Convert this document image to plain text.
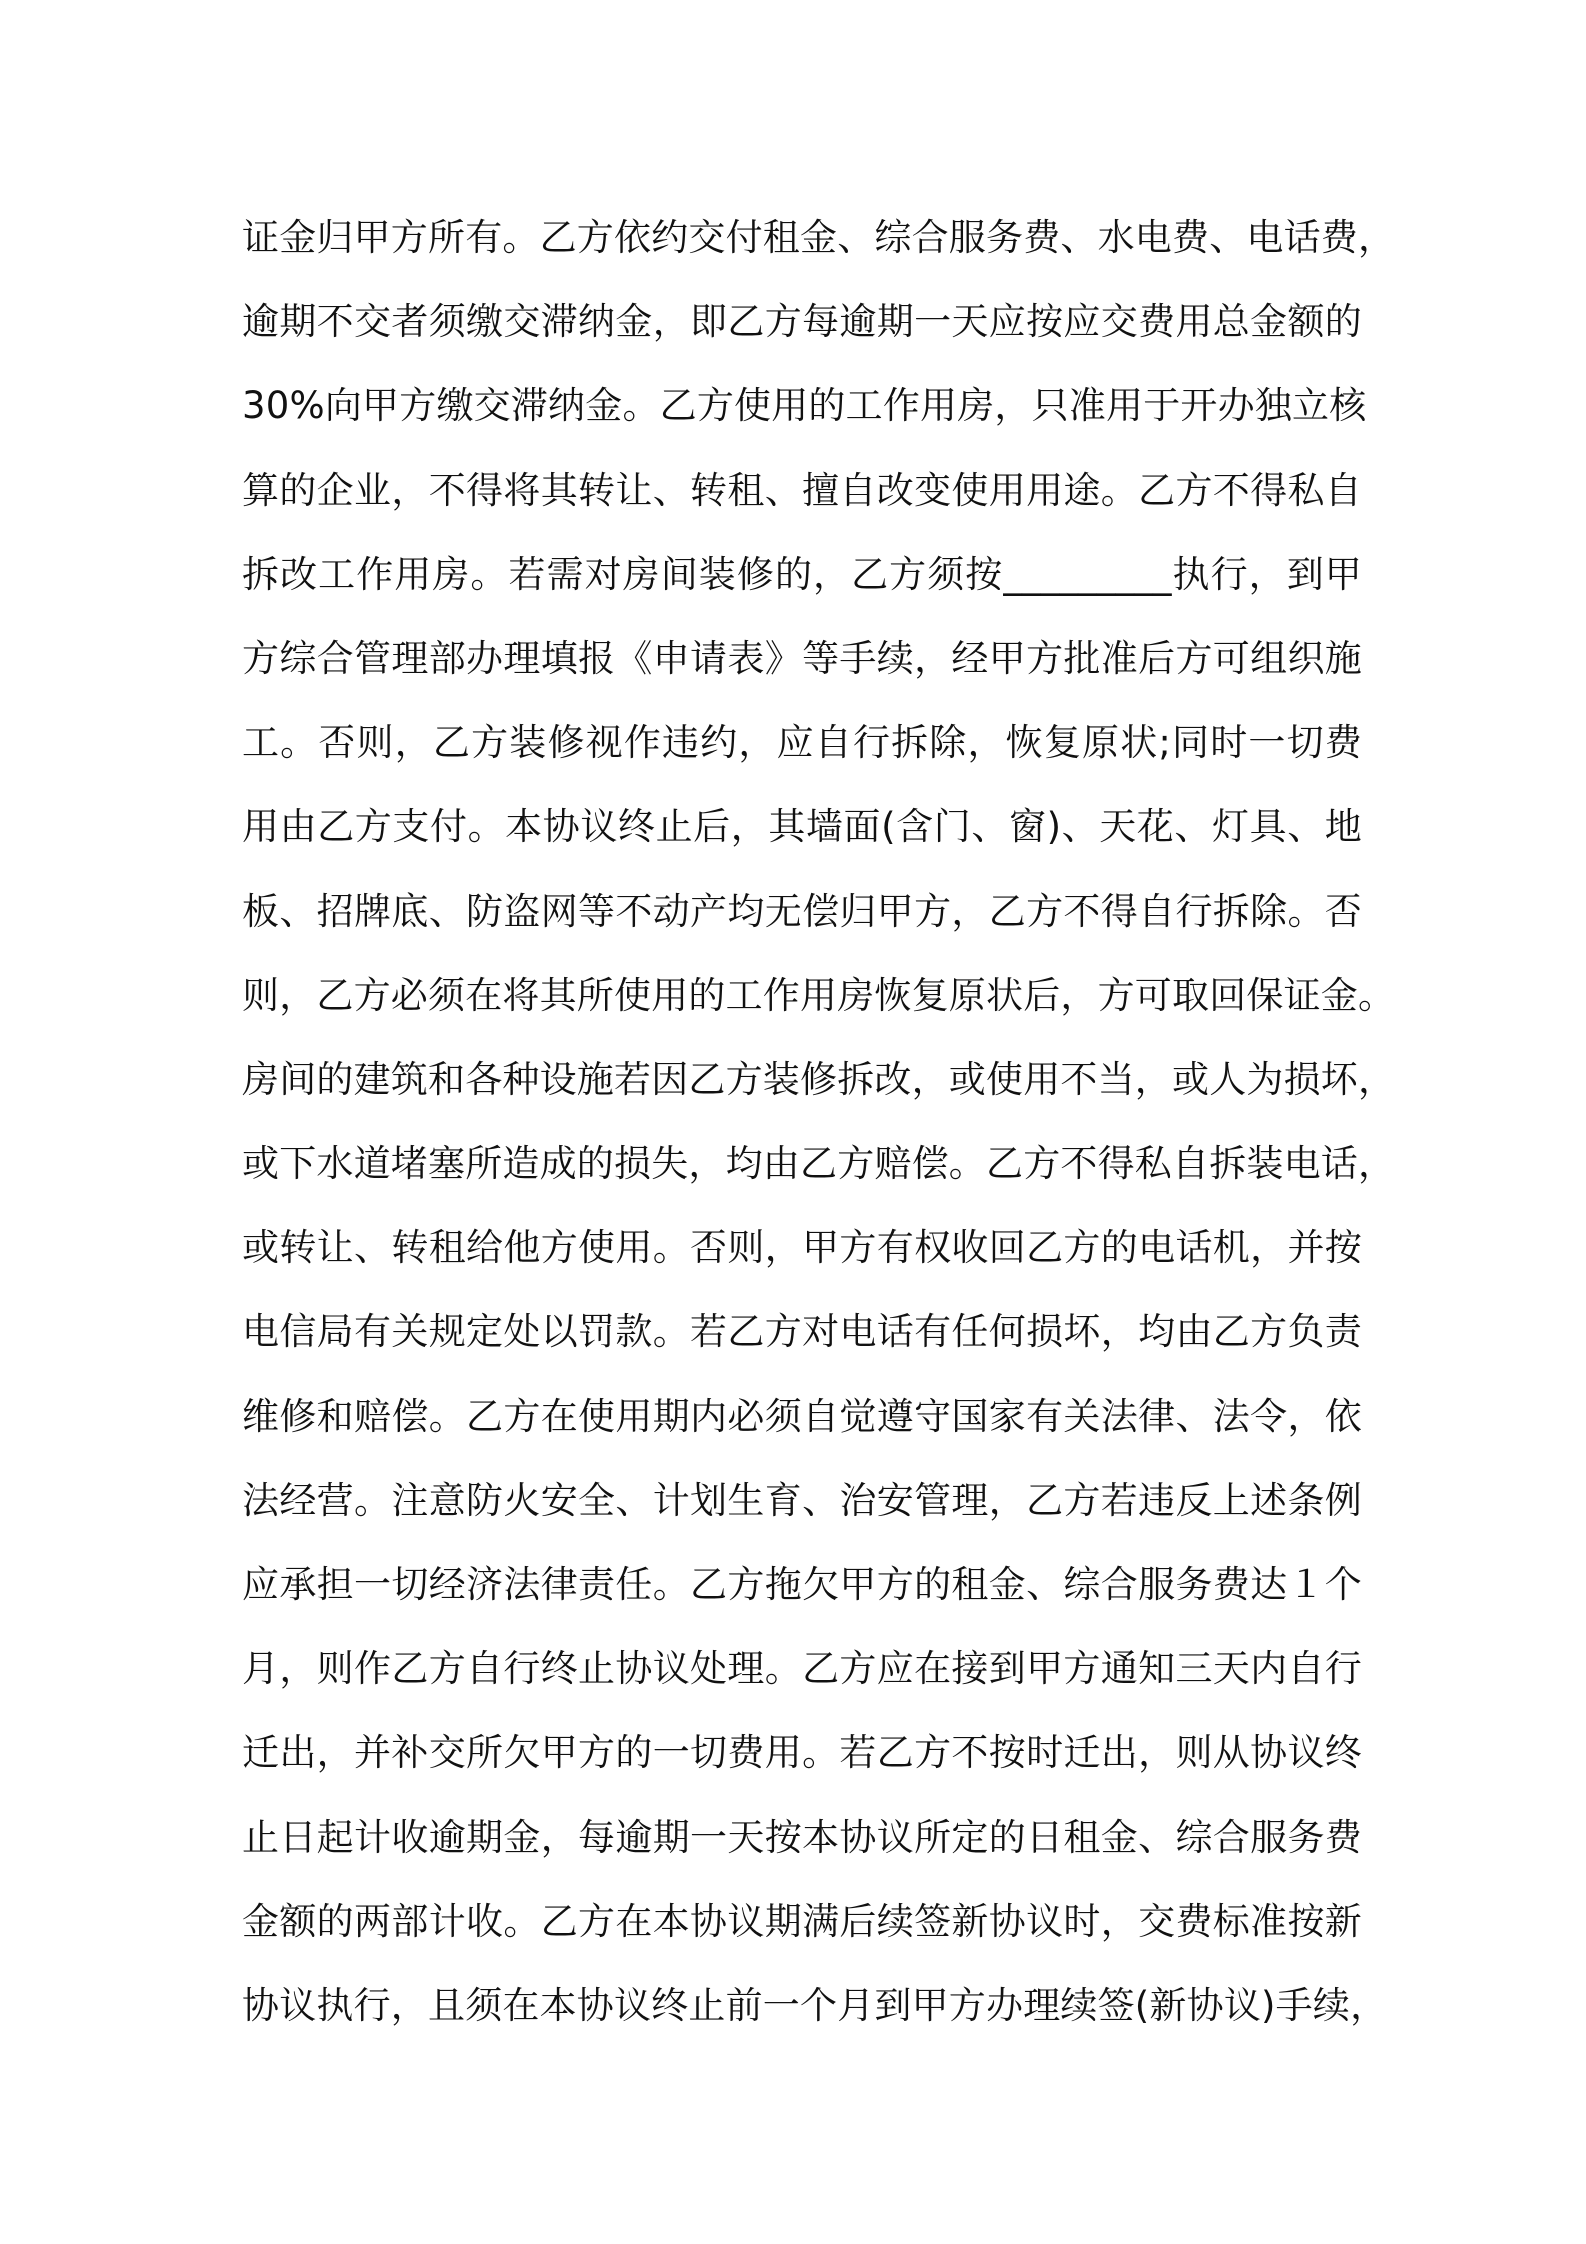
证金归甲方所有。乙方依约交付租金、综合服务费、水电费、电话费，
逾期不交者须缴交滞纳金，即乙方每逾期一天应按应交费用总金额的
30%向甲方缴交滞纳金。乙方使用的工作用房，只准用于开办独立核
算的企业，不得将其转让、转租、擅自改变使用用途。乙方不得私自
拆改工作用房。若需对房间装修的，乙方须按_________执行，到甲
方综合管理部办理填报《申请表》等手续，经甲方批准后方可组织施
工。否则，乙方装修视作违约，应自行拆除，恢复原状;同时一切费
用由乙方支付。本协议终止后，其墙面(含门、窗)、天花、灯具、地
板、招牌底、防盗网等不动产均无偿归甲方，乙方不得自行拆除。否
则，乙方必须在将其所使用的工作用房恢复原状后，方可取回保证金。
房间的建筑和各种设施若因乙方装修拆改，或使用不当，或人为损坏，
或下水道堵塞所造成的损失，均由乙方赔偿。乙方不得私自拆装电话，
或转让、转租给他方使用。否则，甲方有权收回乙方的电话机，并按
电信局有关规定处以罚款。若乙方对电话有任何损坏，均由乙方负责
维修和赔偿。乙方在使用期内必须自觉遵守国家有关法律、法令，依
法经营。注意防火安全、计划生育、治安管理，乙方若违反上述条例
应承担一切经济法律责任。乙方拖欠甲方的租金、综合服务费达１个
月，则作乙方自行终止协议处理。乙方应在接到甲方通知三天内自行
迁出，并补交所欠甲方的一切费用。若乙方不按时迁出，则从协议终
止日起计收逾期金，每逾期一天按本协议所定的日租金、综合服务费
金额的两部计收。乙方在本协议期满后续签新协议时，交费标准按新
协议执行，且须在本协议终止前一个月到甲方办理续签(新协议)手续，
